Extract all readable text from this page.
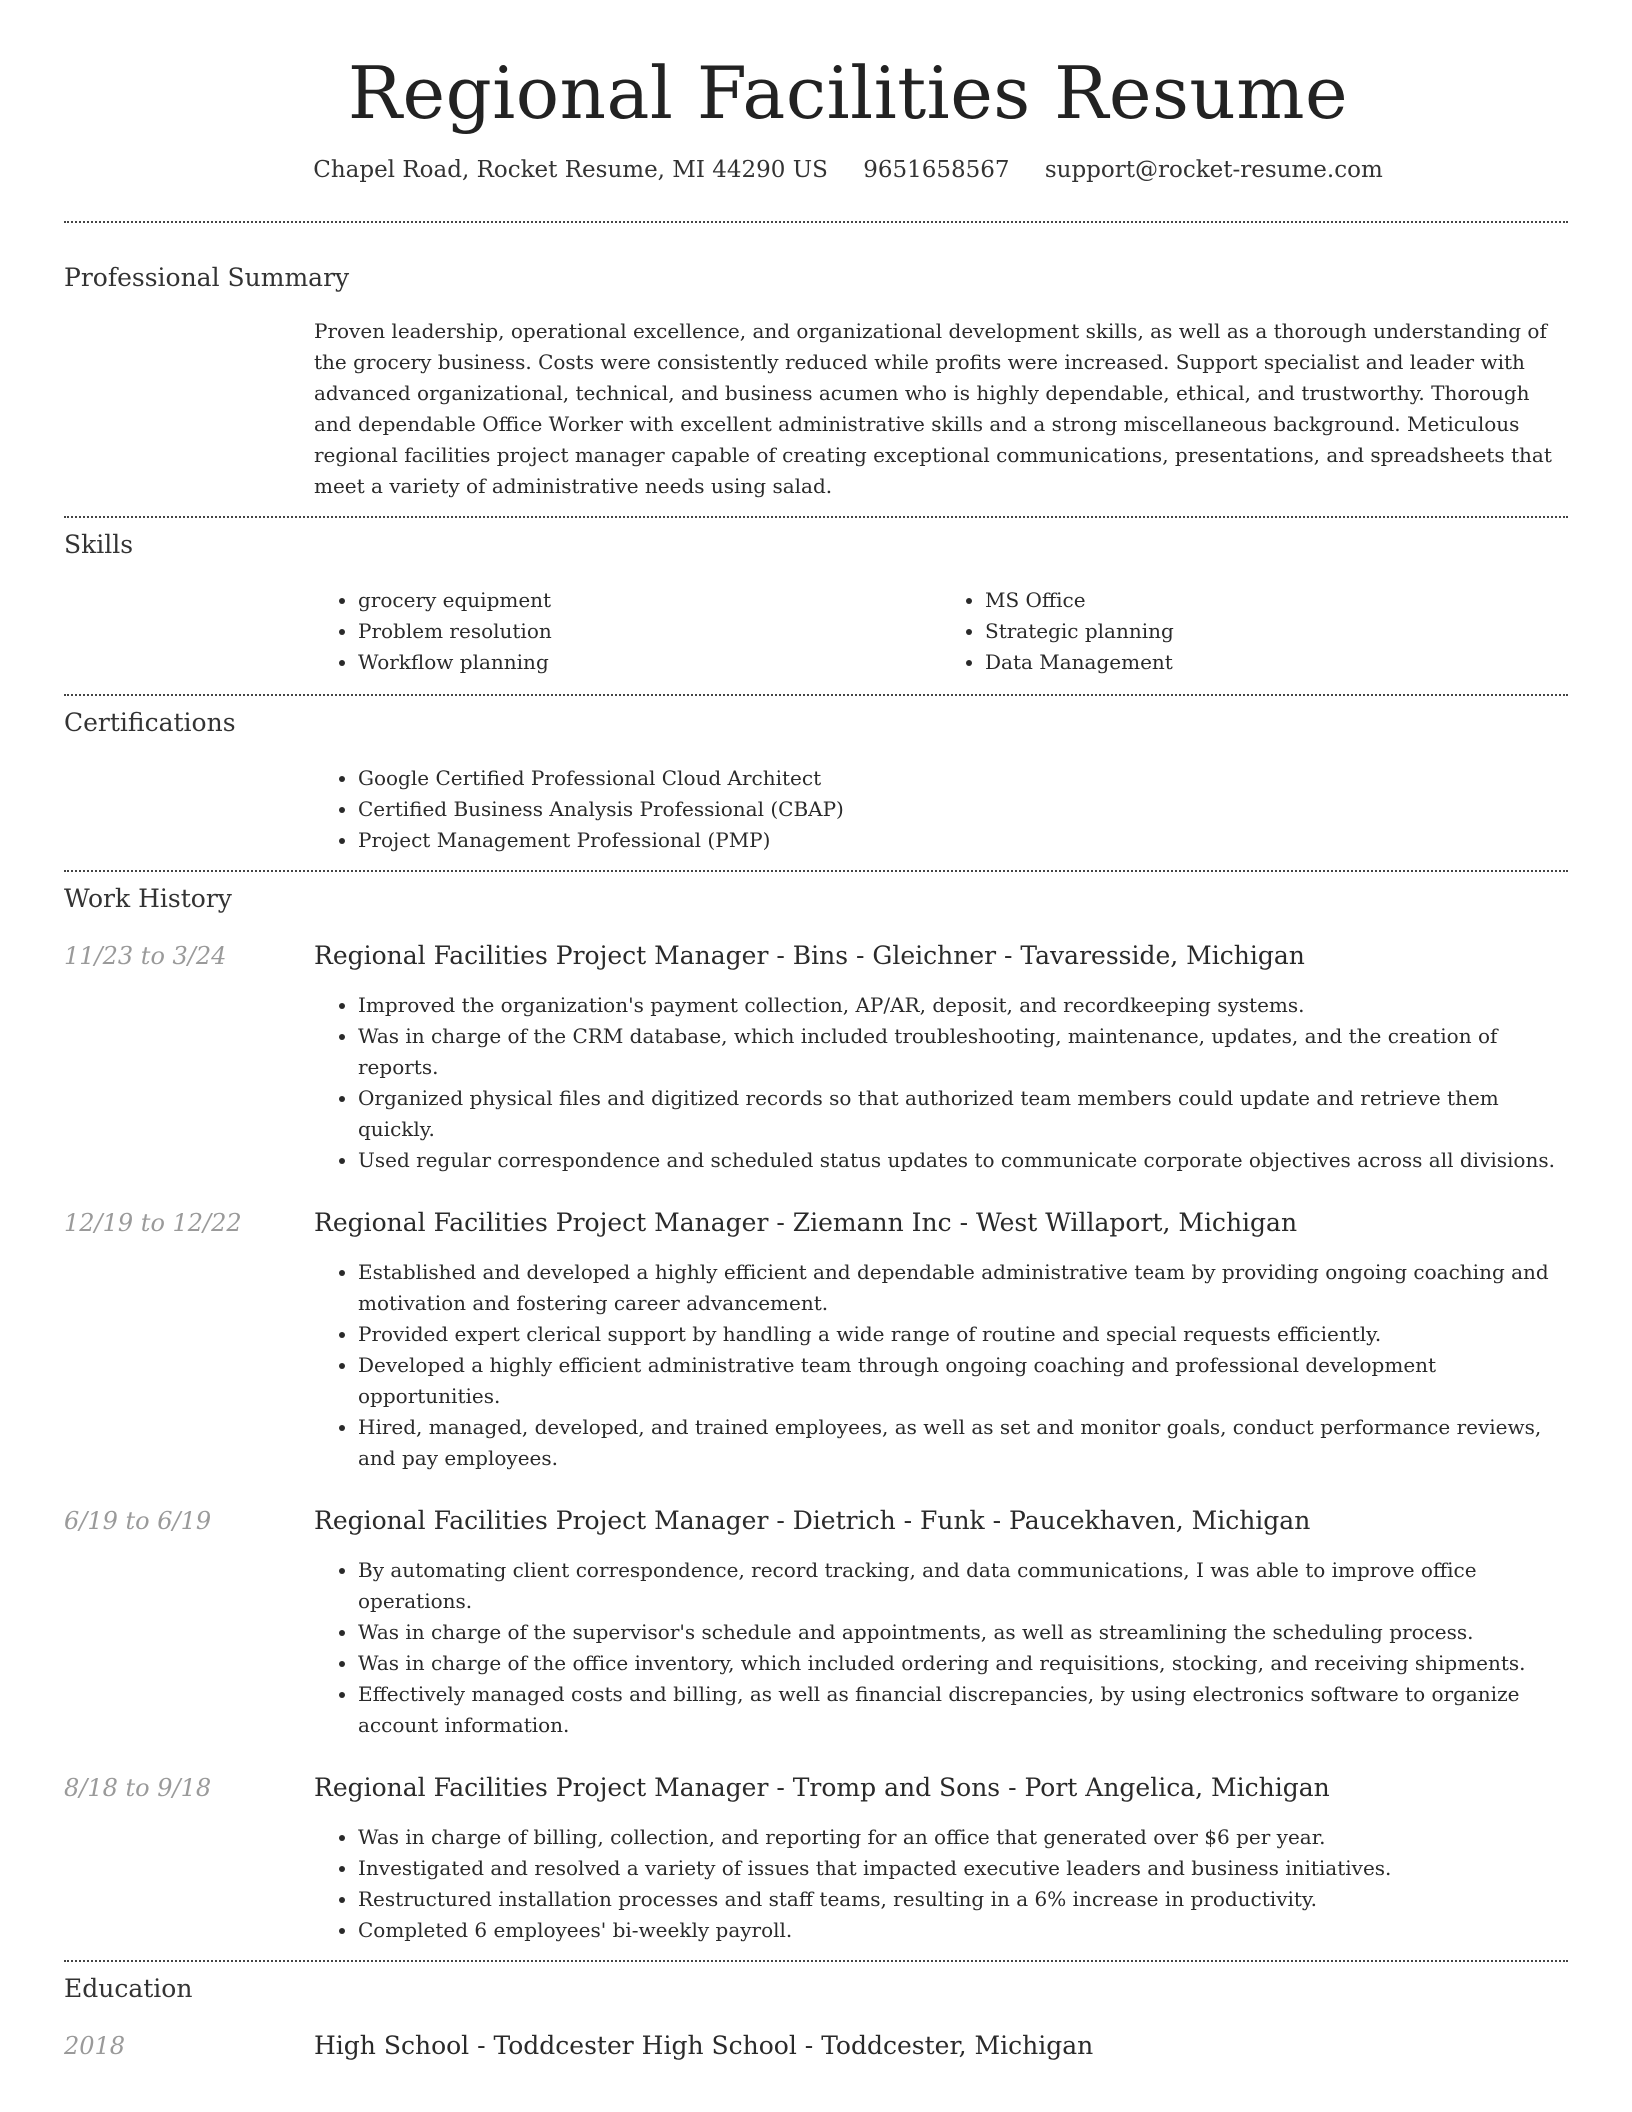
Regional Facilities Resume
Chapel Road, Rocket Resume, MI 44290 US 9651658567 support@rocket-resume.com
Professional Summary
Proven leadership, operational excellence, and organizational development skills, as well as a thorough understanding of the grocery business. Costs were consistently reduced while profits were increased. Support specialist and leader with advanced organizational, technical, and business acumen who is highly dependable, ethical, and trustworthy. Thorough and dependable Office Worker with excellent administrative skills and a strong miscellaneous background. Meticulous regional facilities project manager capable of creating exceptional communications, presentations, and spreadsheets that meet a variety of administrative needs using salad.
Skills
• grocery equipment
• Problem resolution
• Workflow planning
• MS Office
• Strategic planning
• Data Management
Certifications
• Google Certified Professional Cloud Architect
• Certified Business Analysis Professional (CBAP)
• Project Management Professional (PMP)
Work History
11/23 to 3/24	Regional Facilities Project Manager - Bins - Gleichner - Tavaresside, Michigan
• Improved the organization's payment collection, AP/AR, deposit, and recordkeeping systems.
• Was in charge of the CRM database, which included troubleshooting, maintenance, updates, and the creation of reports.
• Organized physical files and digitized records so that authorized team members could update and retrieve them quickly.
• Used regular correspondence and scheduled status updates to communicate corporate objectives across all divisions.
12/19 to 12/22	Regional Facilities Project Manager - Ziemann Inc - West Willaport, Michigan
• Established and developed a highly efficient and dependable administrative team by providing ongoing coaching and motivation and fostering career advancement.
• Provided expert clerical support by handling a wide range of routine and special requests efficiently.
• Developed a highly efficient administrative team through ongoing coaching and professional development opportunities.
• Hired, managed, developed, and trained employees, as well as set and monitor goals, conduct performance reviews, and pay employees.
6/19 to 6/19	Regional Facilities Project Manager - Dietrich - Funk - Paucekhaven, Michigan
• By automating client correspondence, record tracking, and data communications, I was able to improve office operations.
• Was in charge of the supervisor's schedule and appointments, as well as streamlining the scheduling process.
• Was in charge of the office inventory, which included ordering and requisitions, stocking, and receiving shipments.
• Effectively managed costs and billing, as well as financial discrepancies, by using electronics software to organize account information.
8/18 to 9/18	Regional Facilities Project Manager - Tromp and Sons - Port Angelica, Michigan
• Was in charge of billing, collection, and reporting for an office that generated over $6 per year.
• Investigated and resolved a variety of issues that impacted executive leaders and business initiatives.
• Restructured installation processes and staff teams, resulting in a 6% increase in productivity.
• Completed 6 employees' bi-weekly payroll.
Education
2018	High School - Toddcester High School - Toddcester, Michigan
